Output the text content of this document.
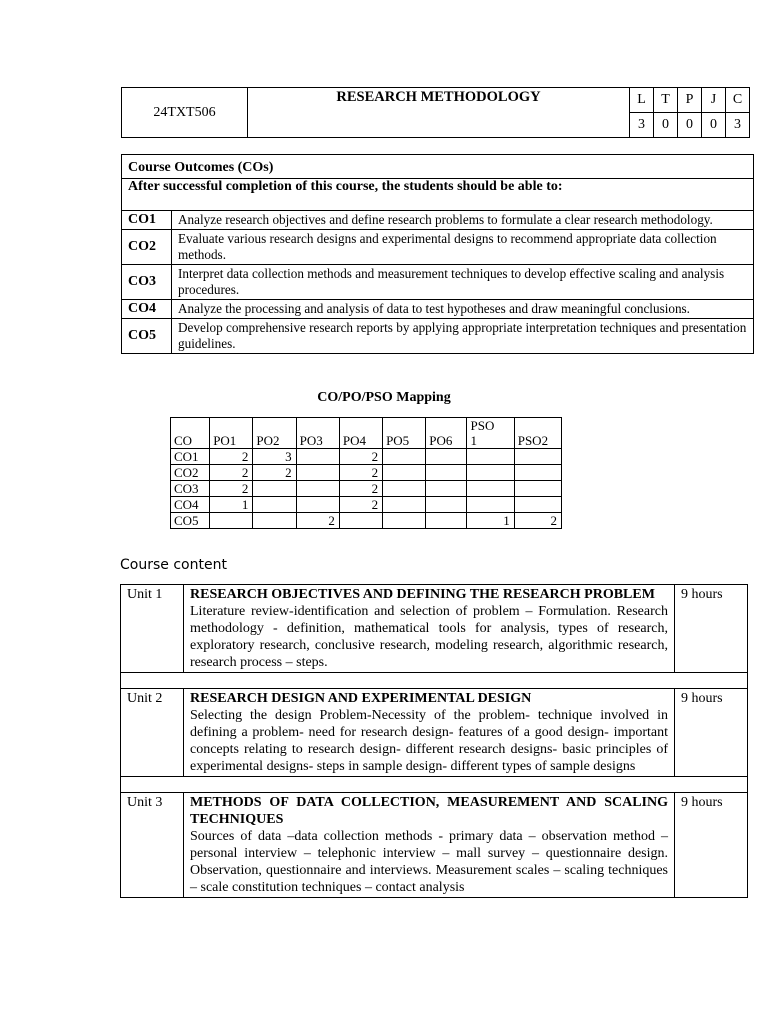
24TXT506	RESEARCH METHODOLOGY	L	T	P	J	C
		3	0	0	0	3
Course Outcomes (COs)	
After successful completion of this course, the students should be able to:	
CO1	Analyze research objectives and define research problems to formulate a clear research methodology.
CO2	Evaluate various research designs and experimental designs to recommend appropriate data collection methods.
CO3	Interpret data collection methods and measurement techniques to develop effective scaling and analysis procedures.
CO4	Analyze the processing and analysis of data to test hypotheses and draw meaningful conclusions.
CO5	Develop comprehensive research reports by applying appropriate interpretation techniques and presentation guidelines.
CO/PO/PSO Mapping
CO	PO1	PO2	PO3	PO4	PO5	PO6	PSO 1	PSO2
CO1	2	3		2				
CO2	2	2		2				
CO3	2			2				
CO4	1			2				
CO5			2				1	2
Course content
Unit 1	RESEARCH OBJECTIVES AND DEFINING THE RESEARCH PROBLEM
Literature review-identification and selection of problem – Formulation. Research methodology - definition, mathematical tools for analysis, types of research, exploratory research, conclusive research, modeling research, algorithmic research, research process – steps.	9 hours

Unit 2	RESEARCH DESIGN AND EXPERIMENTAL DESIGN
Selecting the design Problem-Necessity of the problem- technique involved in defining a problem- need for research design- features of a good design- important concepts relating to research design- different research designs- basic principles of experimental designs- steps in sample design- different types of sample designs	9 hours

Unit 3	METHODS OF DATA COLLECTION, MEASUREMENT AND SCALING TECHNIQUES
Sources of data –data collection methods - primary data – observation method – personal interview – telephonic interview – mall survey – questionnaire design. Observation, questionnaire and interviews. Measurement scales – scaling techniques – scale constitution techniques – contact analysis	9 hours
